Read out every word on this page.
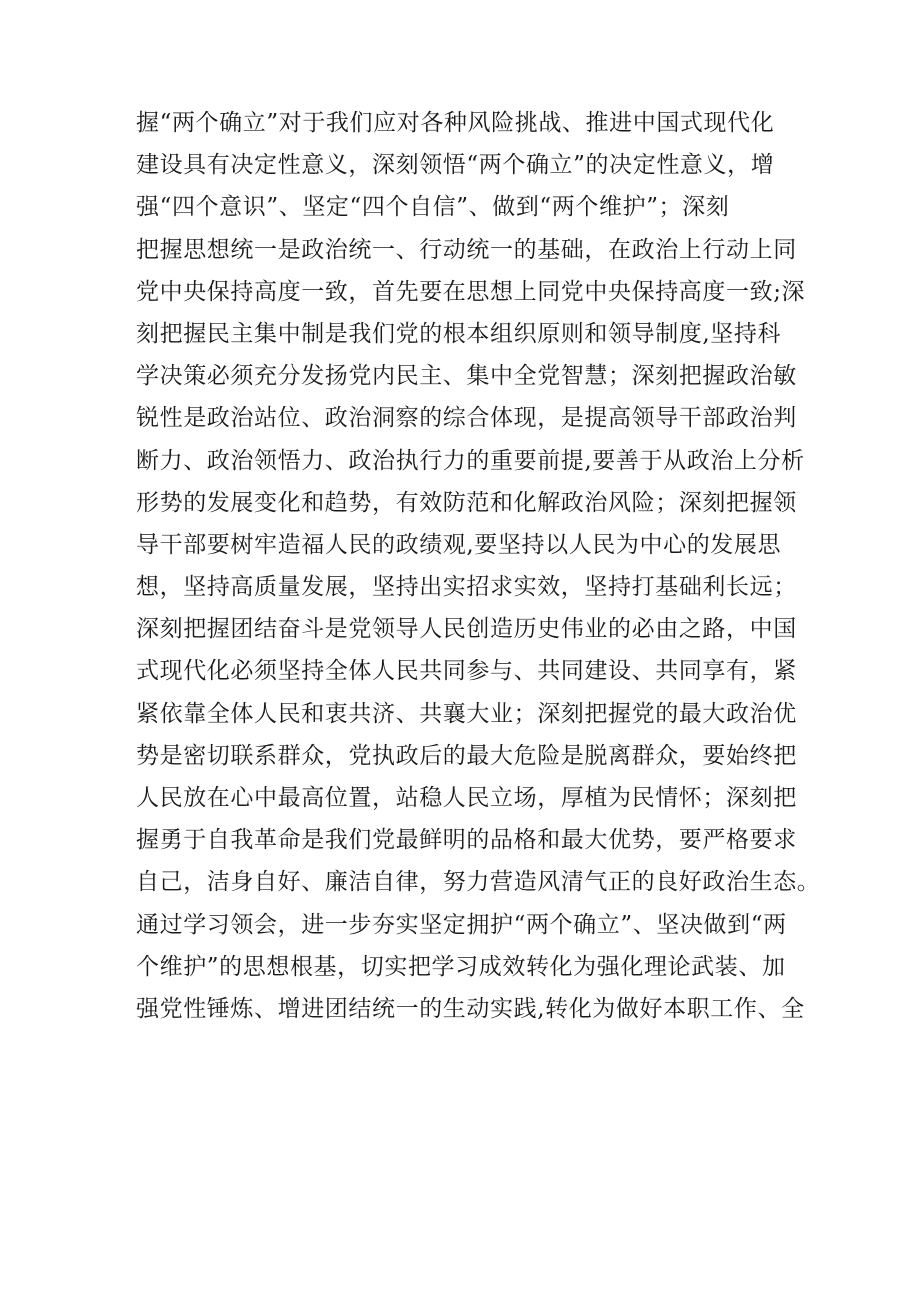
握“两个确立”对于我们应对各种风险挑战、推进中国式现代化
建设具有决定性意义，深刻领悟“两个确立”的决定性意义，增
强“四个意识”、坚定“四个自信”、做到“两个维护”；深刻
把握思想统一是政治统一、行动统一的基础，在政治上行动上同
党中央保持高度一致，首先要在思想上同党中央保持高度一致;深
刻把握民主集中制是我们党的根本组织原则和领导制度,坚持科
学决策必须充分发扬党内民主、集中全党智慧；深刻把握政治敏
锐性是政治站位、政治洞察的综合体现，是提高领导干部政治判
断力、政治领悟力、政治执行力的重要前提,要善于从政治上分析
形势的发展变化和趋势，有效防范和化解政治风险；深刻把握领
导干部要树牢造福人民的政绩观,要坚持以人民为中心的发展思
想，坚持高质量发展，坚持出实招求实效，坚持打基础利长远；
深刻把握团结奋斗是党领导人民创造历史伟业的必由之路，中国
式现代化必须坚持全体人民共同参与、共同建设、共同享有，紧
紧依靠全体人民和衷共济、共襄大业；深刻把握党的最大政治优
势是密切联系群众，党执政后的最大危险是脱离群众，要始终把
人民放在心中最高位置，站稳人民立场，厚植为民情怀；深刻把
握勇于自我革命是我们党最鲜明的品格和最大优势，要严格要求
自己，洁身自好、廉洁自律，努力营造风清气正的良好政治生态。
通过学习领会，进一步夯实坚定拥护“两个确立”、坚决做到“两
个维护”的思想根基，切实把学习成效转化为强化理论武装、加
强党性锤炼、增进团结统一的生动实践,转化为做好本职工作、全
